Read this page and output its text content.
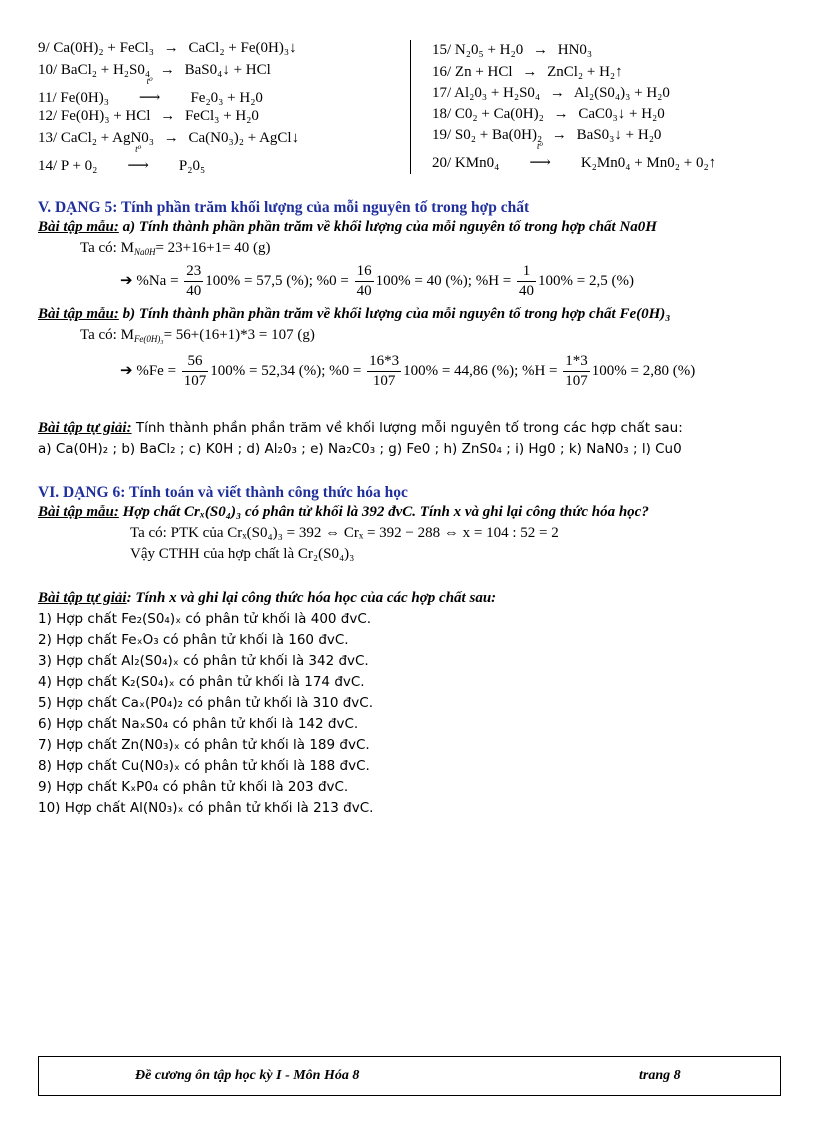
9/ Ca(0H)₂ + FeCl₃ → CaCl₂ + Fe(0H)₃↓
10/ BaCl₂ + H₂S0₄ → BaS0₄↓ + HCl
11/ Fe(0H)₃
t⁰
⟶ Fe₂0₃ + H₂0
12/ Fe(0H)₃ + HCl → FeCl₃ + H₂0
13/ CaCl₂ + AgN0₃ → Ca(N0₃)₂ + AgCl↓
14/ P + 0₂
t⁰
⟶ P₂0₅
15/ N₂0₅ + H₂0 → HN0₃
16/ Zn + HCl → ZnCl₂ + H₂↑
17/ Al₂0₃ + H₂S0₄ → Al₂(S0₄)₃ + H₂0
18/ C0₂ + Ca(0H)₂ → CaC0₃↓ + H₂0
19/ S0₂ + Ba(0H)₂ → BaS0₃↓ + H₂0
20/ KMn0₄
t⁰
⟶ K₂Mn0₄ + Mn0₂ + 0₂↑
V. DẠNG 5: Tính phần trăm khối lượng của mỗi nguyên tố trong hợp chất
Bài tập mẫu: a) Tính thành phần phần trăm về khối lượng của mỗi nguyên tố trong hợp chất Na0H
Ta có: $M_{Na0H}= 23+16+1= 40$ (g)
➔ $\%Na = \frac{23}{40} 100\% = 57,5$ (%); $\%0 = \frac{16}{40} 100\% = 40$ (%); $\%H = \frac{1}{40} 100\% = 2,5$ (%)
Bài tập mẫu: b) Tính thành phần phần trăm về khối lượng của mỗi nguyên tố trong hợp chất Fe(0H)₃
Ta có: $M_{Fe(0H)_3}= 56+(16+1)*3 = 107$ (g)
➔ $\%Fe = \frac{56}{107} 100\% = 52,34$ (%); $\%0 = \frac{16*3}{107} 100\% = 44,86$ (%); $\%H = \frac{1*3}{107} 100\% = 2,80$ (%)
Bài tập tự giải: Tính thành phần phần trăm về khối lượng mỗi nguyên tố trong các hợp chất sau:
a) Ca(0H)₂ ; b) BaCl₂ ; c) K0H ; d) Al₂0₃ ; e) Na₂C0₃ ; g) Fe0 ; h) ZnS0₄ ; i) Hg0 ; k) NaN0₃ ; l) Cu0
VI. DẠNG 6: Tính toán và viết thành công thức hóa học
Bài tập mẫu: Hợp chất Crₓ(S0₄)₃ có phân tử khối là 392 đvC. Tính x và ghi lại công thức hóa học?
Ta có: PTK của Crₓ(S0₄)₃ = 392 ⇔ Crₓ = 392 − 288 ⇔ x = 104 : 52 = 2
Vậy CTHH của hợp chất là Cr₂(S0₄)₃
Bài tập tự giải: Tính x và ghi lại công thức hóa học của các hợp chất sau:
1) Hợp chất Fe₂(S0₄)ₓ có phân tử khối là 400 đvC.
2) Hợp chất FeₓO₃ có phân tử khối là 160 đvC.
3) Hợp chất Al₂(S0₄)ₓ có phân tử khối là 342 đvC.
4) Hợp chất K₂(S0₄)ₓ có phân tử khối là 174 đvC.
5) Hợp chất Caₓ(P0₄)₂ có phân tử khối là 310 đvC.
6) Hợp chất NaₓS0₄ có phân tử khối là 142 đvC.
7) Hợp chất Zn(N0₃)ₓ có phân tử khối là 189 đvC.
8) Hợp chất Cu(N0₃)ₓ có phân tử khối là 188 đvC.
9) Hợp chất KₓP0₄ có phân tử khối là 203 đvC.
10) Hợp chất Al(N0₃)ₓ có phân tử khối là 213 đvC.
Đề cương ôn tập học kỳ I - Môn Hóa 8	trang 8
